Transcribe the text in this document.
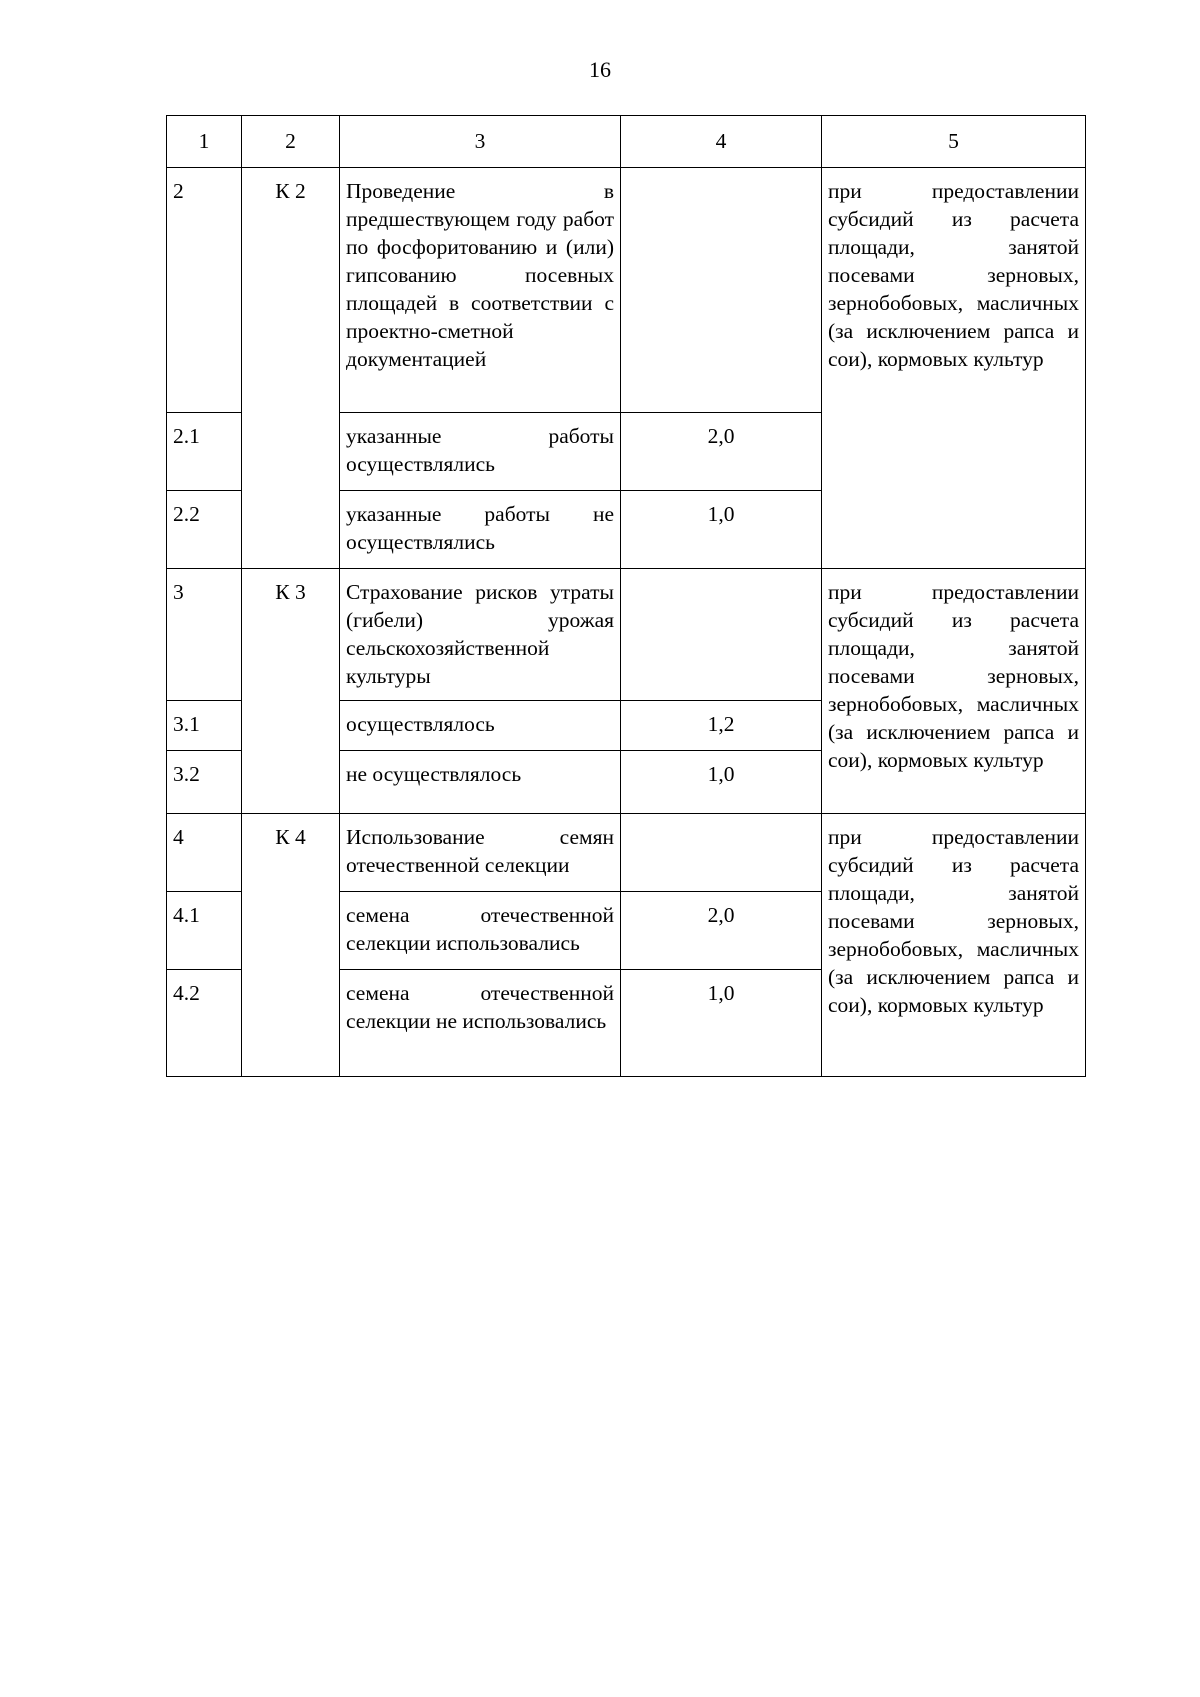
16
1	2	3	4	5
2	К 2	Проведение в предшествующем году работ по фосфоритованию и (или) гипсованию посевных площадей в соответствии с проектно-сметной документацией		при предоставлении субсидий из расчета площади, занятой посевами зерновых, зернобобовых, масличных (за исключением рапса и сои), кормовых культур
2.1		указанные работы осуществлялись	2,0	
2.2		указанные работы не осуществлялись	1,0	
3	К 3	Страхование рисков утраты (гибели) урожая сельскохозяйственной культуры		при предоставлении субсидий из расчета площади, занятой посевами зерновых, зернобобовых, масличных (за исключением рапса и сои), кормовых культур
3.1		осуществлялось	1,2	
3.2		не осуществлялось	1,0	
4	К 4	Использование семян отечественной селекции		при предоставлении субсидий из расчета площади, занятой посевами зерновых, зернобобовых, масличных (за исключением рапса и сои), кормовых культур
4.1		семена отечественной селекции использовались	2,0	
4.2		семена отечественной селекции не использовались	1,0	
